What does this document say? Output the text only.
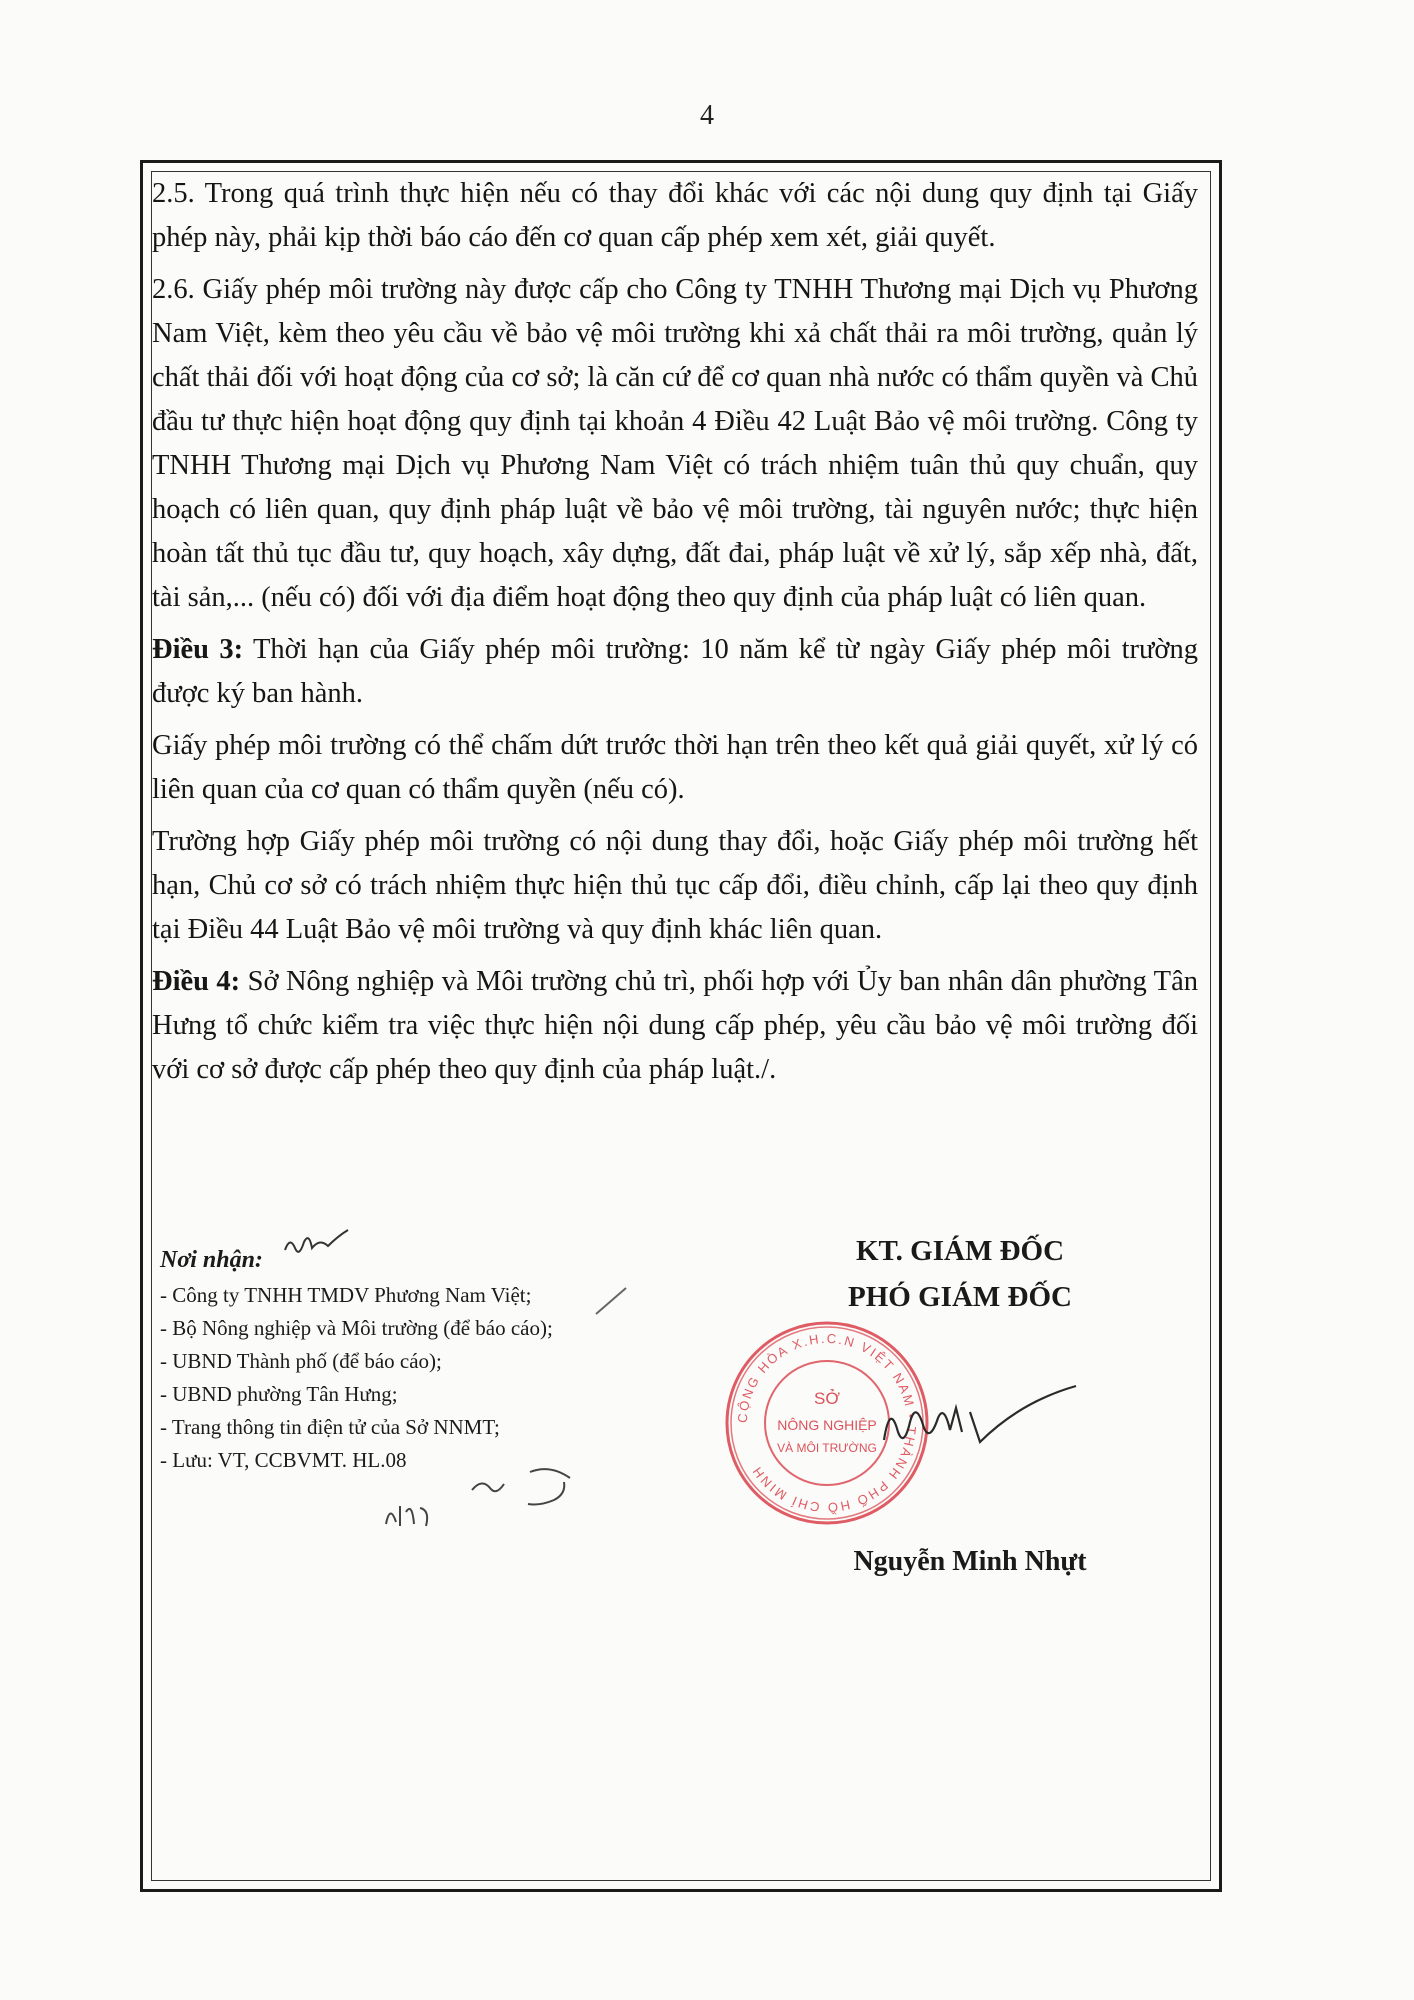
4

2.5. Trong quá trình thực hiện nếu có thay đổi khác với các nội dung quy định tại Giấy phép này, phải kịp thời báo cáo đến cơ quan cấp phép xem xét, giải quyết.

2.6. Giấy phép môi trường này được cấp cho Công ty TNHH Thương mại Dịch vụ Phương Nam Việt, kèm theo yêu cầu về bảo vệ môi trường khi xả chất thải ra môi trường, quản lý chất thải đối với hoạt động của cơ sở; là căn cứ để cơ quan nhà nước có thẩm quyền và Chủ đầu tư thực hiện hoạt động quy định tại khoản 4 Điều 42 Luật Bảo vệ môi trường. Công ty TNHH Thương mại Dịch vụ Phương Nam Việt có trách nhiệm tuân thủ quy chuẩn, quy hoạch có liên quan, quy định pháp luật về bảo vệ môi trường, tài nguyên nước; thực hiện hoàn tất thủ tục đầu tư, quy hoạch, xây dựng, đất đai, pháp luật về xử lý, sắp xếp nhà, đất, tài sản,... (nếu có) đối với địa điểm hoạt động theo quy định của pháp luật có liên quan.

Điều 3: Thời hạn của Giấy phép môi trường: 10 năm kể từ ngày Giấy phép môi trường được ký ban hành.

Giấy phép môi trường có thể chấm dứt trước thời hạn trên theo kết quả giải quyết, xử lý có liên quan của cơ quan có thẩm quyền (nếu có).

Trường hợp Giấy phép môi trường có nội dung thay đổi, hoặc Giấy phép môi trường hết hạn, Chủ cơ sở có trách nhiệm thực hiện thủ tục cấp đổi, điều chỉnh, cấp lại theo quy định tại Điều 44 Luật Bảo vệ môi trường và quy định khác liên quan.

Điều 4: Sở Nông nghiệp và Môi trường chủ trì, phối hợp với Ủy ban nhân dân phường Tân Hưng tổ chức kiểm tra việc thực hiện nội dung cấp phép, yêu cầu bảo vệ môi trường đối với cơ sở được cấp phép theo quy định của pháp luật./.

Nơi nhận:
- Công ty TNHH TMDV Phương Nam Việt;
- Bộ Nông nghiệp và Môi trường (để báo cáo);
- UBND Thành phố (để báo cáo);
- UBND phường Tân Hưng;
- Trang thông tin điện tử của Sở NNMT;
- Lưu: VT, CCBVMT. HL.08
KT. GIÁM ĐỐC
PHÓ GIÁM ĐỐC
CỘNG HÒA X.H.C.N VIỆT NAM • THÀNH PHỐ HỒ CHÍ MINH
SỞ
NÔNG NGHIỆP
VÀ MÔI TRƯỜNG
Nguyễn Minh Nhựt
